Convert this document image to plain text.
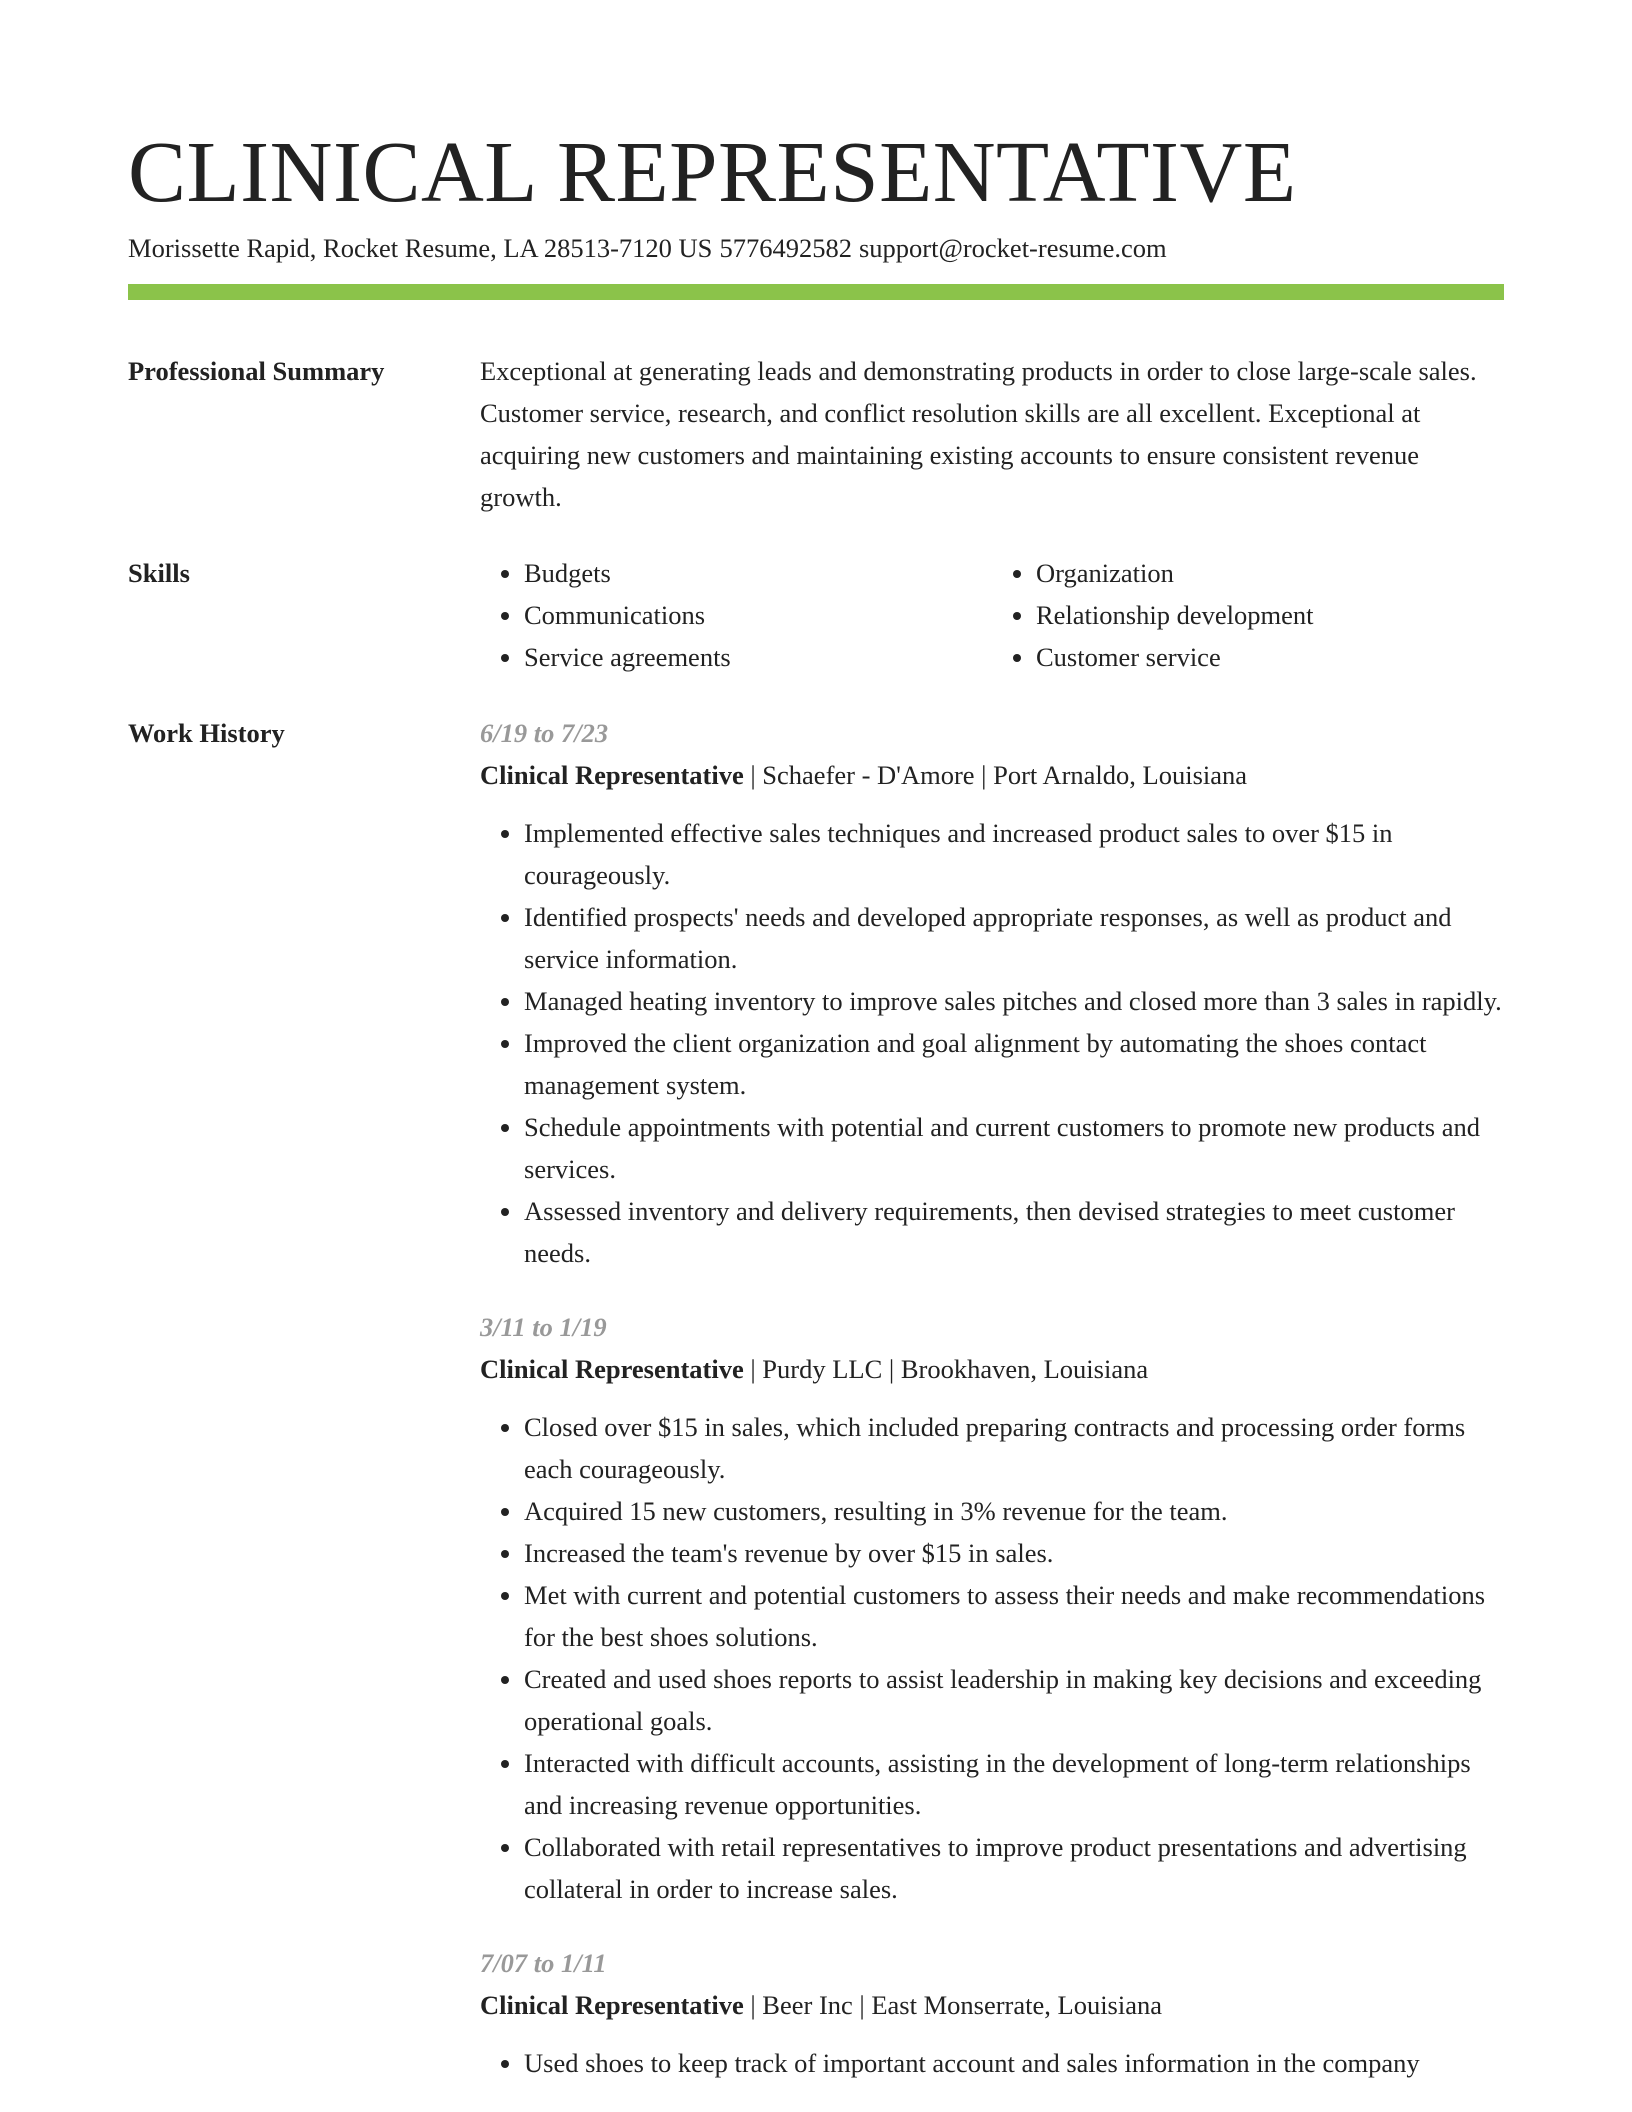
CLINICAL REPRESENTATIVE
Morissette Rapid, Rocket Resume, LA 28513-7120 US 5776492582 support@rocket-resume.com
Professional Summary	Exceptional at generating leads and demonstrating products in order to close large-scale sales. Customer service, research, and conflict resolution skills are all excellent. Exceptional at acquiring new customers and maintaining existing accounts to ensure consistent revenue growth.
Skills
•	Budgets
• Communications
• Service agreements
• Organization
• Relationship development
• Customer service
Work History	6/19 to 7/23
Clinical Representative | Schaefer - D'Amore | Port Arnaldo, Louisiana
• Implemented effective sales techniques and increased product sales to over $15 in courageously.
• Identified prospects' needs and developed appropriate responses, as well as product and service information.
• Managed heating inventory to improve sales pitches and closed more than 3 sales in rapidly.
• Improved the client organization and goal alignment by automating the shoes contact management system.
• Schedule appointments with potential and current customers to promote new products and services.
• Assessed inventory and delivery requirements, then devised strategies to meet customer needs.
3/11 to 1/19
Clinical Representative | Purdy LLC | Brookhaven, Louisiana
• Closed over $15 in sales, which included preparing contracts and processing order forms each courageously.
• Acquired 15 new customers, resulting in 3% revenue for the team.
• Increased the team's revenue by over $15 in sales.
• Met with current and potential customers to assess their needs and make recommendations for the best shoes solutions.
• Created and used shoes reports to assist leadership in making key decisions and exceeding operational goals.
• Interacted with difficult accounts, assisting in the development of long-term relationships and increasing revenue opportunities.
• Collaborated with retail representatives to improve product presentations and advertising collateral in order to increase sales.
7/07 to 1/11
Clinical Representative | Beer Inc | East Monserrate, Louisiana
• Used shoes to keep track of important account and sales information in the company
